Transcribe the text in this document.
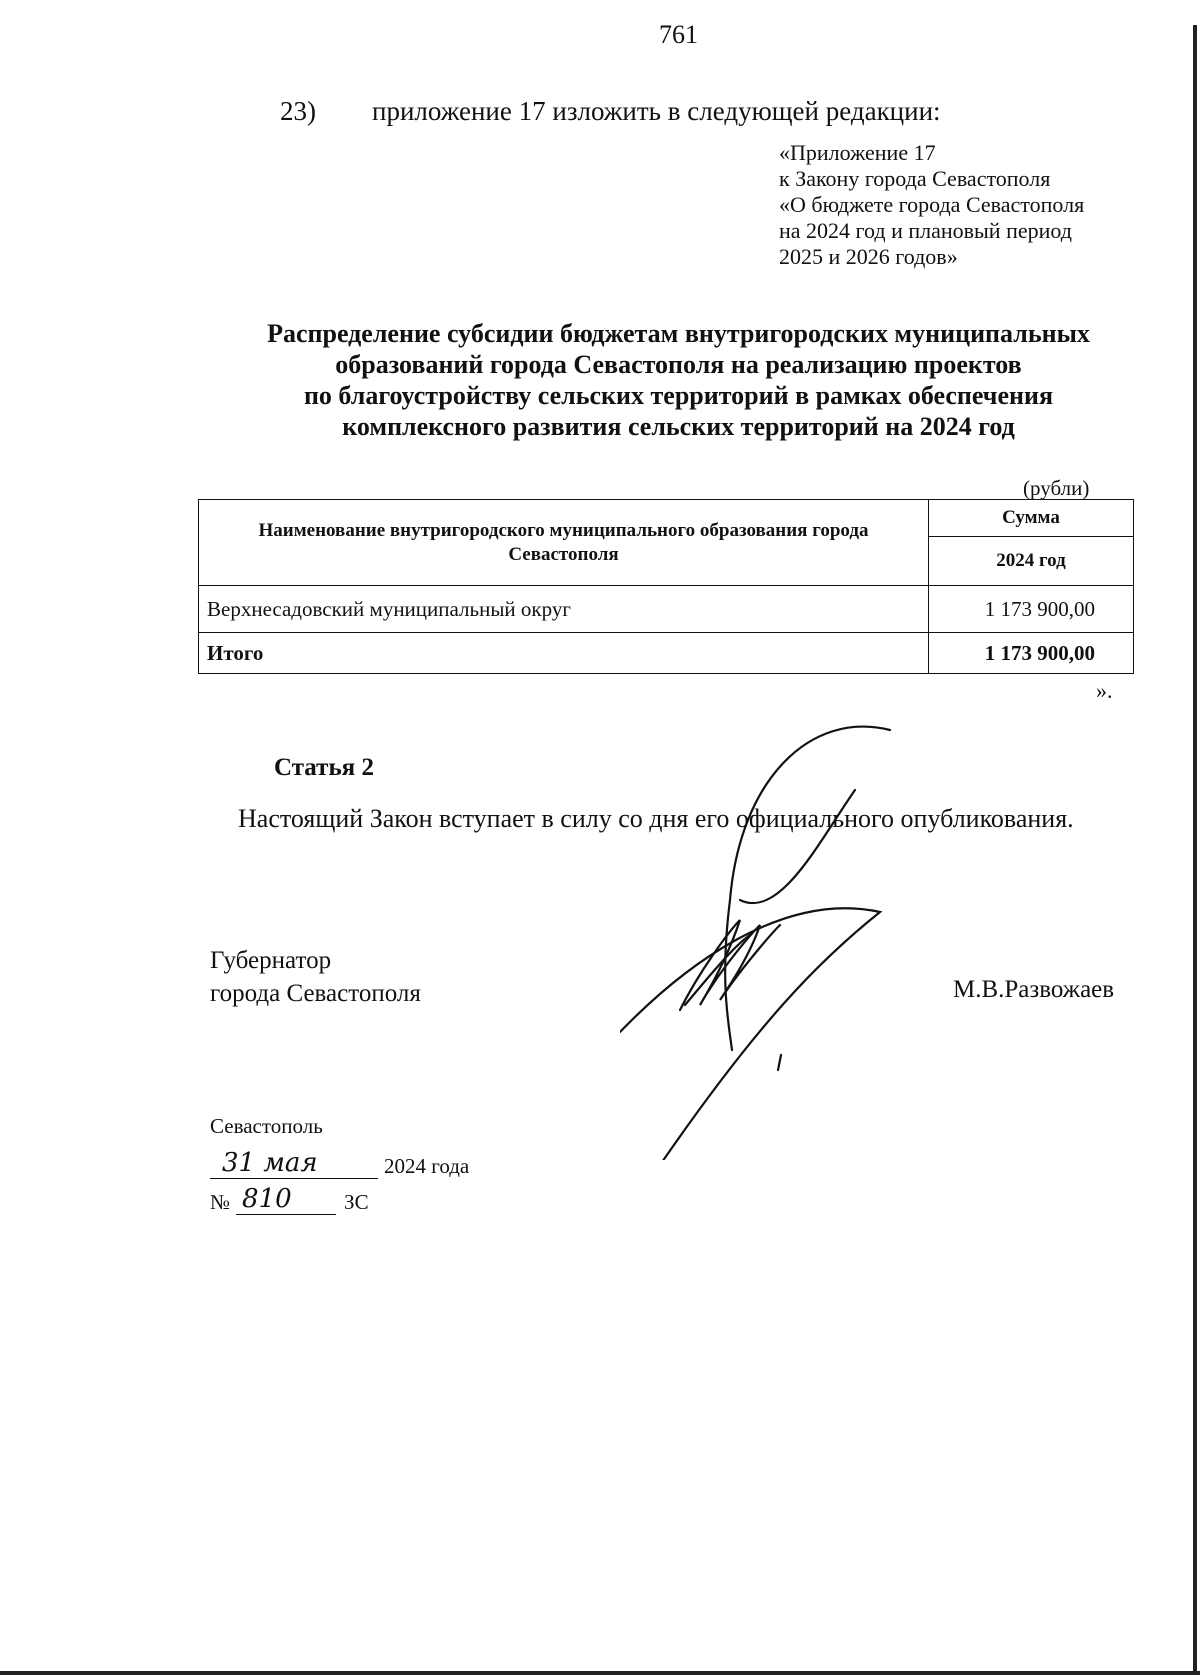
761
23) приложение 17 изложить в следующей редакции:
«Приложение 17
к Закону города Севастополя
«О бюджете города Севастополя
на 2024 год и плановый период
2025 и 2026 годов»
Распределение субсидии бюджетам внутригородских муниципальных
образований города Севастополя на реализацию проектов
по благоустройству сельских территорий в рамках обеспечения
комплексного развития сельских территорий на 2024 год
(рубли)
Наименование внутригородского муниципального образования города Севастополя	Сумма
	2024 год
Верхнесадовский муниципальный округ	1 173 900,00
Итого	1 173 900,00
».
Статья 2
Настоящий Закон вступает в силу со дня его официального опубликования.
Губернатор
города Севастополя	М.В.Развожаев
Севастополь
31 мая	2024 года
№ 810 ЗС
